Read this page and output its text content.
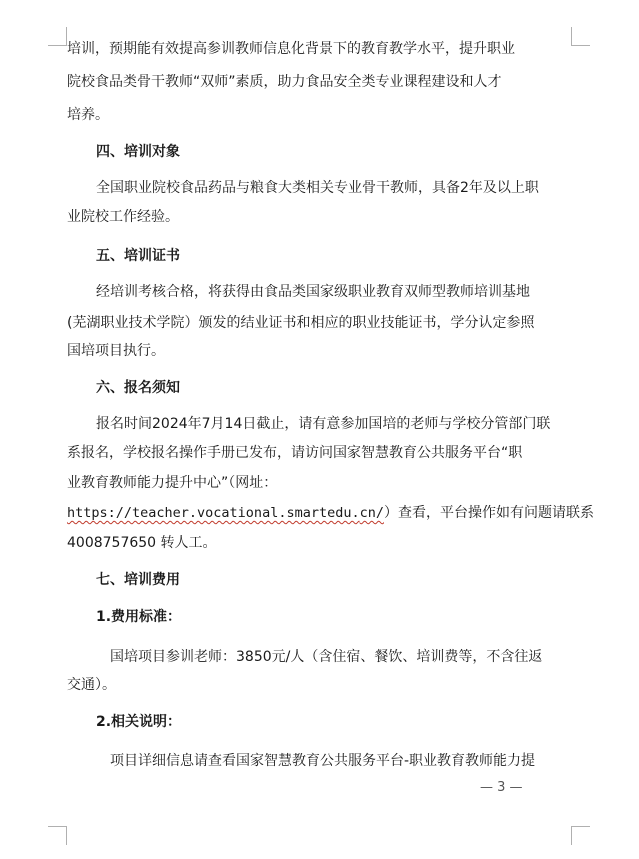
培训，预期能有效提高参训教师信息化背景下的教育教学水平，提升职业
院校食品类骨干教师“双师”素质，助力食品安全类专业课程建设和人才
培养。
四、培训对象
全国职业院校食品药品与粮食大类相关专业骨干教师，具备2年及以上职
业院校工作经验。
五、培训证书
经培训考核合格，将获得由食品类国家级职业教育双师型教师培训基地
(芜湖职业技术学院）颁发的结业证书和相应的职业技能证书，学分认定参照
国培项目执行。
六、报名须知
报名时间2024年7月14日截止，请有意参加国培的老师与学校分管部门联
系报名，学校报名操作手册已发布，请访问国家智慧教育公共服务平台“职
业教育教师能力提升中心”（网址：
https://teacher.vocational.smartedu.cn/）查看，平台操作如有问题请联系
4008757650 转人工。
七、培训费用
1.费用标准：
国培项目参训老师：3850元/人（含住宿、餐饮、培训费等，不含往返
交通）。
2.相关说明：
项目详细信息请查看国家智慧教育公共服务平台-职业教育教师能力提
— 3 —
